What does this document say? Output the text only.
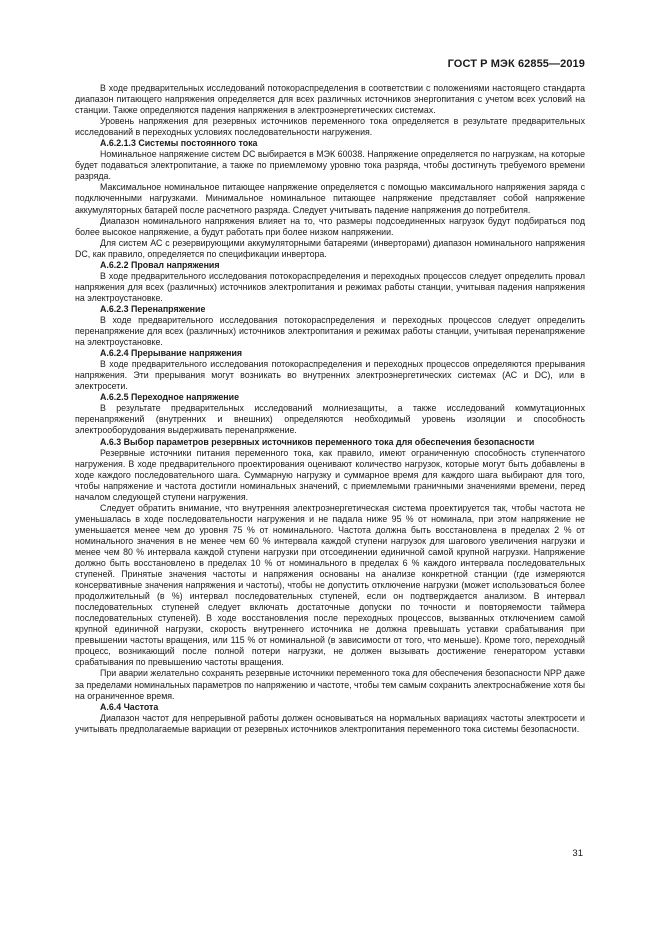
ГОСТ Р МЭК 62855—2019

В ходе предварительных исследований потокораспределения в соответствии с положениями настоящего стандарта диапазон питающего напряжения определяется для всех различных источников энергопитания с учетом всех условий на станции. Также определяются падения напряжения в электроэнергетических системах.

Уровень напряжения для резервных источников переменного тока определяется в результате предварительных исследований в переходных условиях последовательности нагружения.

А.6.2.1.3 Системы постоянного тока

Номинальное напряжение систем DC выбирается в МЭК 60038. Напряжение определяется по нагрузкам, на которые будет подаваться электропитание, а также по приемлемому уровню тока разряда, чтобы достигнуть требуемого времени разряда.

Максимальное номинальное питающее напряжение определяется с помощью максимального напряжения заряда с подключенными нагрузками. Минимальное номинальное питающее напряжение представляет собой напряжение аккумуляторных батарей после расчетного разряда. Следует учитывать падение напряжения до потребителя.

Диапазон номинального напряжения влияет на то, что размеры подсоединенных нагрузок будут подбираться под более высокое напряжение, а будут работать при более низком напряжении.

Для систем АС с резервирующими аккумуляторными батареями (инверторами) диапазон номинального напряжения DC, как правило, определяется по спецификации инвертора.

А.6.2.2 Провал напряжения

В ходе предварительного исследования потокораспределения и переходных процессов следует определить провал напряжения для всех (различных) источников электропитания и режимах работы станции, учитывая падения напряжения на электроустановке.

А.6.2.3 Перенапряжение

В ходе предварительного исследования потокораспределения и переходных процессов следует определить перенапряжение для всех (различных) источников электропитания и режимах работы станции, учитывая перенапряжение на электроустановке.

А.6.2.4 Прерывание напряжения

В ходе предварительного исследования потокораспределения и переходных процессов определяются прерывания напряжения. Эти прерывания могут возникать во внутренних электроэнергетических системах (АС и DC), или в электросети.

А.6.2.5 Переходное напряжение

В результате предварительных исследований молниезащиты, а также исследований коммутационных перенапряжений (внутренних и внешних) определяются необходимый уровень изоляции и способность электрооборудования выдерживать перенапряжение.

А.6.3 Выбор параметров резервных источников переменного тока для обеспечения безопасности

Резервные источники питания переменного тока, как правило, имеют ограниченную способность ступенчатого нагружения. В ходе предварительного проектирования оценивают количество нагрузок, которые могут быть добавлены в ходе каждого последовательного шага. Суммарную нагрузку и суммарное время для каждого шага выбирают для того, чтобы напряжение и частота достигли номинальных значений, с приемлемыми граничными значениями времени, перед началом следующей ступени нагружения.

Следует обратить внимание, что внутренняя электроэнергетическая система проектируется так, чтобы частота не уменьшалась в ходе последовательности нагружения и не падала ниже 95 % от номинала, при этом напряжение не уменьшается менее чем до уровня 75 % от номинального. Частота должна быть восстановлена в пределах 2 % от номинального значения в не менее чем 60 % интервала каждой ступени нагрузок для шагового увеличения нагрузки и менее чем 80 % интервала каждой ступени нагрузки при отсоединении единичной самой крупной нагрузки. Напряжение должно быть восстановлено в пределах 10 % от номинального в пределах 6 % каждого интервала последовательных ступеней. Принятые значения частоты и напряжения основаны на анализе конкретной станции (где измеряются консервативные значения напряжения и частоты), чтобы не допустить отключение нагрузки (может использоваться более продолжительный (в %) интервал последовательных ступеней, если он подтверждается анализом. В интервал последовательных ступеней следует включать достаточные допуски по точности и повторяемости таймера последовательных ступеней). В ходе восстановления после переходных процессов, вызванных отключением самой крупной единичной нагрузки, скорость внутреннего источника не должна превышать уставки срабатывания при превышении частоты вращения, или 115 % от номинальной (в зависимости от того, что меньше). Кроме того, переходный процесс, возникающий после полной потери нагрузки, не должен вызывать достижение генератором уставки срабатывания по превышению частоты вращения.

При аварии желательно сохранять резервные источники переменного тока для обеспечения безопасности NPP даже за пределами номинальных параметров по напряжению и частоте, чтобы тем самым сохранить электроснабжение хотя бы на ограниченное время.

А.6.4 Частота

Диапазон частот для непрерывной работы должен основываться на нормальных вариациях частоты электросети и учитывать предполагаемые вариации от резервных источников электропитания переменного тока системы безопасности.

31
